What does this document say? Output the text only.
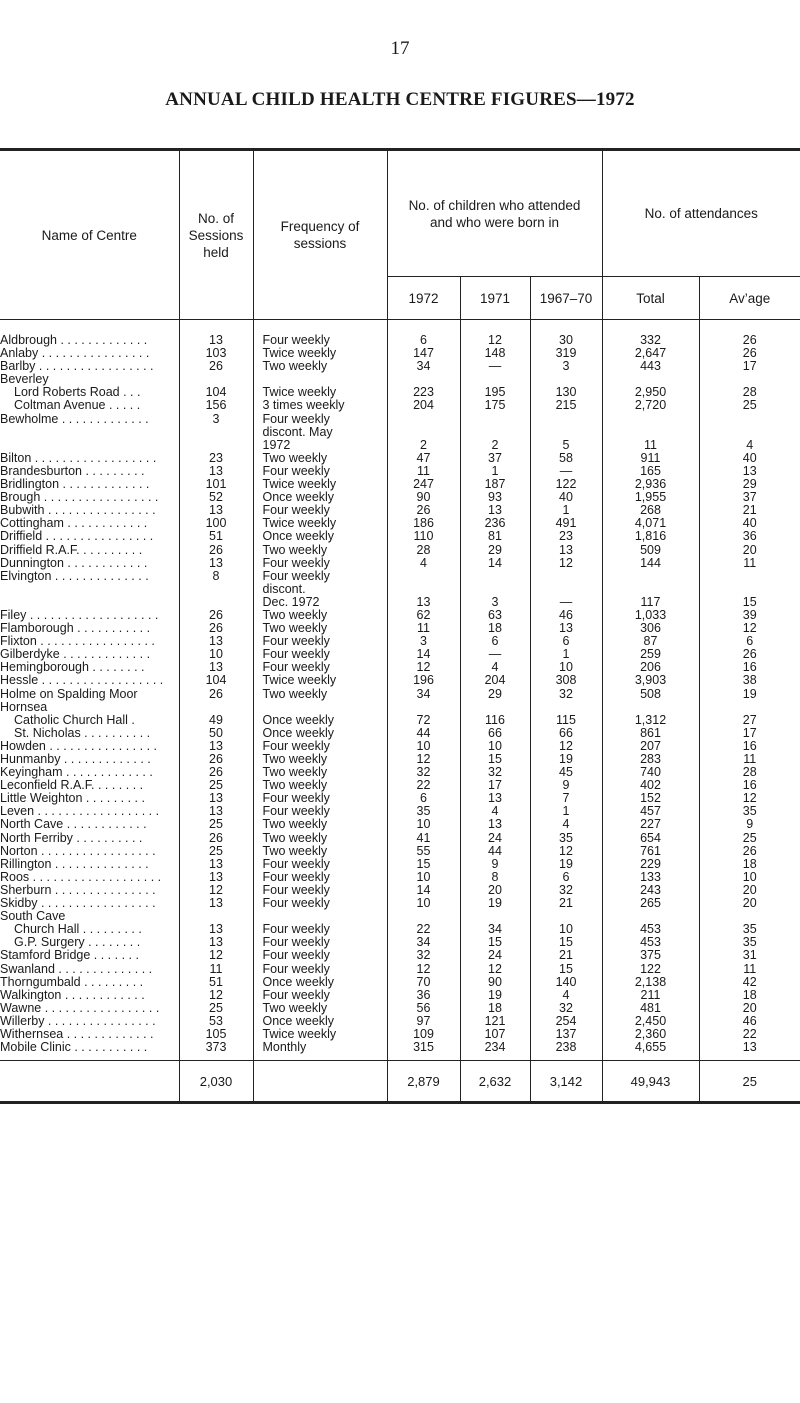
17
ANNUAL CHILD HEALTH CENTRE FIGURES—1972
Name of Centre	No. of Sessions held	Frequency of sessions	No. of children who attended and who were born in			No. of attendances	
			1972	1971	1967–70	Total	Av’age
Aldbrough . . . . . . . . . . . . .	13	Four weekly	6	12	30	332	26
Anlaby . . . . . . . . . . . . . . . .	103	Twice weekly	147	148	319	2,647	26
Barlby . . . . . . . . . . . . . . . . .	26	Two weekly	34	—	3	443	17
Beverley							
Lord Roberts Road . . .	104	Twice weekly	223	195	130	2,950	28
Coltman Avenue . . . . .	156	3 times weekly	204	175	215	2,720	25
Bewholme . . . . . . . . . . . . .	3	Four weekly					
		discont. May					
		1972	2	2	5	11	4
Bilton . . . . . . . . . . . . . . . . . .	23	Two weekly	47	37	58	911	40
Brandesburton . . . . . . . . .	13	Four weekly	11	1	—	165	13
Bridlington . . . . . . . . . . . . .	101	Twice weekly	247	187	122	2,936	29
Brough . . . . . . . . . . . . . . . . .	52	Once weekly	90	93	40	1,955	37
Bubwith . . . . . . . . . . . . . . . .	13	Four weekly	26	13	1	268	21
Cottingham . . . . . . . . . . . .	100	Twice weekly	186	236	491	4,071	40
Driffield . . . . . . . . . . . . . . . .	51	Once weekly	110	81	23	1,816	36
Driffield R.A.F. . . . . . . . . .	26	Two weekly	28	29	13	509	20
Dunnington . . . . . . . . . . . .	13	Four weekly	4	14	12	144	11
Elvington . . . . . . . . . . . . . .	8	Four weekly					
		discont.					
		Dec. 1972	13	3	—	117	15
Filey . . . . . . . . . . . . . . . . . . .	26	Two weekly	62	63	46	1,033	39
Flamborough . . . . . . . . . . .	26	Two weekly	11	18	13	306	12
Flixton . . . . . . . . . . . . . . . . .	13	Four weekly	3	6	6	87	6
Gilberdyke . . . . . . . . . . . . .	10	Four weekly	14	—	1	259	26
Hemingborough . . . . . . . .	13	Four weekly	12	4	10	206	16
Hessle . . . . . . . . . . . . . . . . . .	104	Twice weekly	196	204	308	3,903	38
Holme on Spalding Moor	26	Two weekly	34	29	32	508	19
Hornsea							
Catholic Church Hall .	49	Once weekly	72	116	115	1,312	27
St. Nicholas . . . . . . . . . .	50	Once weekly	44	66	66	861	17
Howden . . . . . . . . . . . . . . . .	13	Four weekly	10	10	12	207	16
Hunmanby . . . . . . . . . . . . .	26	Two weekly	12	15	19	283	11
Keyingham . . . . . . . . . . . . .	26	Two weekly	32	32	45	740	28
Leconfield R.A.F. . . . . . . .	25	Two weekly	22	17	9	402	16
Little Weighton . . . . . . . . .	13	Four weekly	6	13	7	152	12
Leven . . . . . . . . . . . . . . . . . .	13	Four weekly	35	4	1	457	35
North Cave . . . . . . . . . . . .	25	Two weekly	10	13	4	227	9
North Ferriby . . . . . . . . . .	26	Two weekly	41	24	35	654	25
Norton . . . . . . . . . . . . . . . . .	25	Two weekly	55	44	12	761	26
Rillington . . . . . . . . . . . . . .	13	Four weekly	15	9	19	229	18
Roos . . . . . . . . . . . . . . . . . . .	13	Four weekly	10	8	6	133	10
Sherburn . . . . . . . . . . . . . . .	12	Four weekly	14	20	32	243	20
Skidby . . . . . . . . . . . . . . . . .	13	Four weekly	10	19	21	265	20
South Cave							
Church Hall . . . . . . . . .	13	Four weekly	22	34	10	453	35
G.P. Surgery . . . . . . . .	13	Four weekly	34	15	15	453	35
Stamford Bridge . . . . . . .	12	Four weekly	32	24	21	375	31
Swanland . . . . . . . . . . . . . .	11	Four weekly	12	12	15	122	11
Thorngumbald . . . . . . . . .	51	Once weekly	70	90	140	2,138	42
Walkington . . . . . . . . . . . .	12	Four weekly	36	19	4	211	18
Wawne . . . . . . . . . . . . . . . . .	25	Two weekly	56	18	32	481	20
Willerby . . . . . . . . . . . . . . . .	53	Once weekly	97	121	254	2,450	46
Withernsea . . . . . . . . . . . . .	105	Twice weekly	109	107	137	2,360	22
Mobile Clinic . . . . . . . . . . .	373	Monthly	315	234	238	4,655	13
	2,030		2,879	2,632	3,142	49,943	25
